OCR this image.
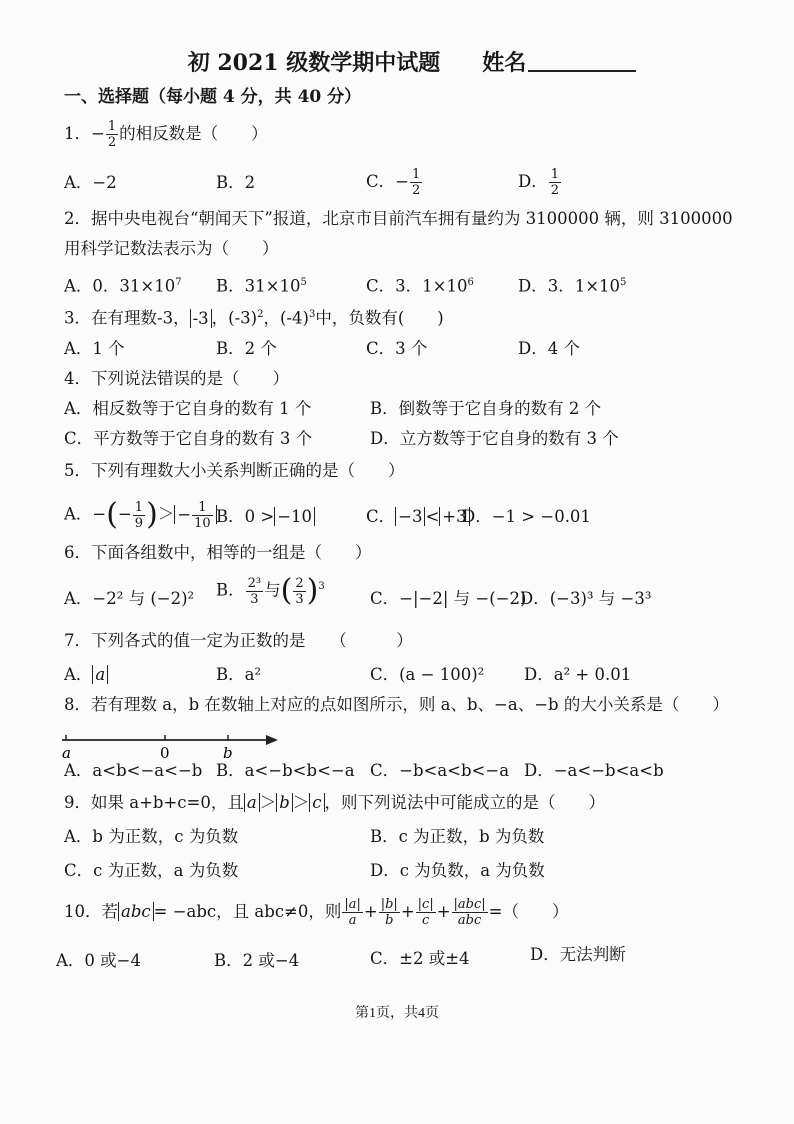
初 2021 级数学期中试题 姓名
一、选择题（每小题 4 分，共 40 分）
1．− $\frac{1}{2}$ 的相反数是（　　）
A．−2	B．2	C．− $\frac{1}{2}$	D． $\frac{1}{2}$
2．据中央电视台“朝闻天下”报道，北京市目前汽车拥有量约为 3100000 辆，则 3100000
用科学记数法表示为（　　）
A．0．$31\times 10^7$ B．$31\times 10^5$	C．3．$1\times 10^6$	D．3．$1\times 10^5$
3．在有理数-3， -3 ，$(-3)^2$，$(-4)^3$中，负数有(　　)
A．1 个	B．2 个	C．3 个	D．4 个
4．下列说法错误的是（　　）
A．相反数等于它自身的数有 1 个	B．倒数等于它自身的数有 2 个
C．平方数等于它自身的数有 3 个	D．立方数等于它自身的数有 3 个
5．下列有理数大小关系判断正确的是（　　）
A．−(− $\frac{1}{9}$ )＞ − $\frac{1}{10}$ B．0 > −10	C． −3 < +3
D．−1 > −0.01
6．下面各组数中，相等的一组是（　　）
A．−2² 与 (−2)² B． $\frac{\text{2³}}{3}$ 与( $\frac{2}{3} )^3$
C．−|−2| 与 −(−2)
D．(−3)³ 与 −3³
7．下列各式的值一定为正数的是　　（　　　）
A． a	B．a²	C．(a − 100)² D．a² + 0.01
8．若有理数 a，b 在数轴上对应的点如图所示，则 a、b、−a、−b 的大小关系是（　　）
a	0	b
A．a<b<−a<−b B．a<−b<b<−a C．−b<a<b<−a D．−a<−b<a<b
9．如果 a+b+c=0，且 a ＞ b ＞ c ，则下列说法中可能成立的是（　　）
A．b 为正数，c 为负数	B．c 为正数，b 为负数
C．c 为正数，a 为负数	D．c 为负数，a 为负数
10．若 abc = −abc，且 abc≠0，则 $\frac{|a|}{a} + \frac{|b|}{b} + \frac{|c|}{c} + \frac{\text{|abc|}}{\text{abc}}$ =（　　）
A．0 或−4	B．2 或−4	C．±2 或±4	D．无法判断
第1页，共4页
